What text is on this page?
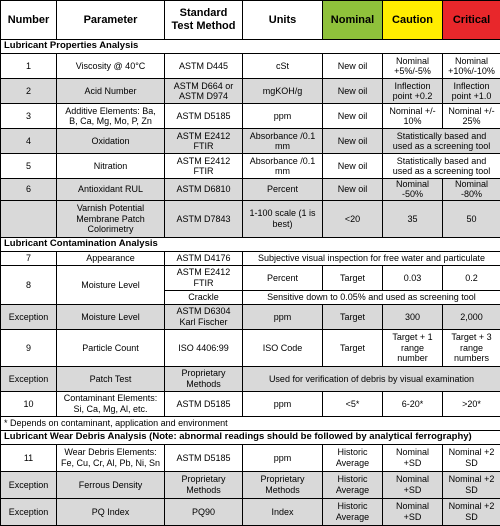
Number	Parameter	Standard Test Method	Units	Nominal	Caution	Critical
Lubricant Properties Analysis						
1	Viscosity @ 40°C	ASTM D445	cSt	New oil	Nominal +5%/-5%	Nominal +10%/-10%
2	Acid Number	ASTM D664 or ASTM D974	mgKOH/g	New oil	Inflection point +0.2	Inflection point +1.0
3	Additive Elements: Ba, B, Ca, Mg, Mo, P, Zn	ASTM D5185	ppm	New oil	Nominal +/- 10%	Nominal +/- 25%
4	Oxidation	ASTM E2412 FTIR	Absorbance /0.1 mm	New oil	Statistically based and used as a screening tool	
5	Nitration	ASTM E2412 FTIR	Absorbance /0.1 mm	New oil	Statistically based and used as a screening tool	
6	Antioxidant RUL	ASTM D6810	Percent	New oil	Nominal -50%	Nominal -80%
	Varnish Potential Membrane Patch Colorimetry	ASTM D7843	1-100 scale (1 is best)	<20	35	50
Lubricant Contamination Analysis						
7	Appearance	ASTM D4176	Subjective visual inspection for free water and particulate			
8	Moisture Level	ASTM E2412 FTIR	Percent	Target	0.03	0.2
		Crackle	Sensitive down to 0.05% and used as screening tool			
Exception	Moisture Level	ASTM D6304 Karl Fischer	ppm	Target	300	2,000
9	Particle Count	ISO 4406:99	ISO Code	Target	Target + 1 range number	Target + 3 range numbers
Exception	Patch Test	Proprietary Methods	Used for verification of debris by visual examination			
10	Contaminant Elements: Si, Ca, Mg, Al, etc.	ASTM D5185	ppm	<5*	6-20*	>20*
* Depends on contaminant, application and environment						
Lubricant Wear Debris Analysis (Note: abnormal readings should be followed by analytical ferrography)						
11	Wear Debris Elements: Fe, Cu, Cr, Al, Pb, Ni, Sn	ASTM D5185	ppm	Historic Average	Nominal +SD	Nominal +2 SD
Exception	Ferrous Density	Proprietary Methods	Proprietary Methods	Historic Average	Nominal +SD	Nominal +2 SD
Exception	PQ Index	PQ90	Index	Historic Average	Nominal +SD	Nominal +2 SD
